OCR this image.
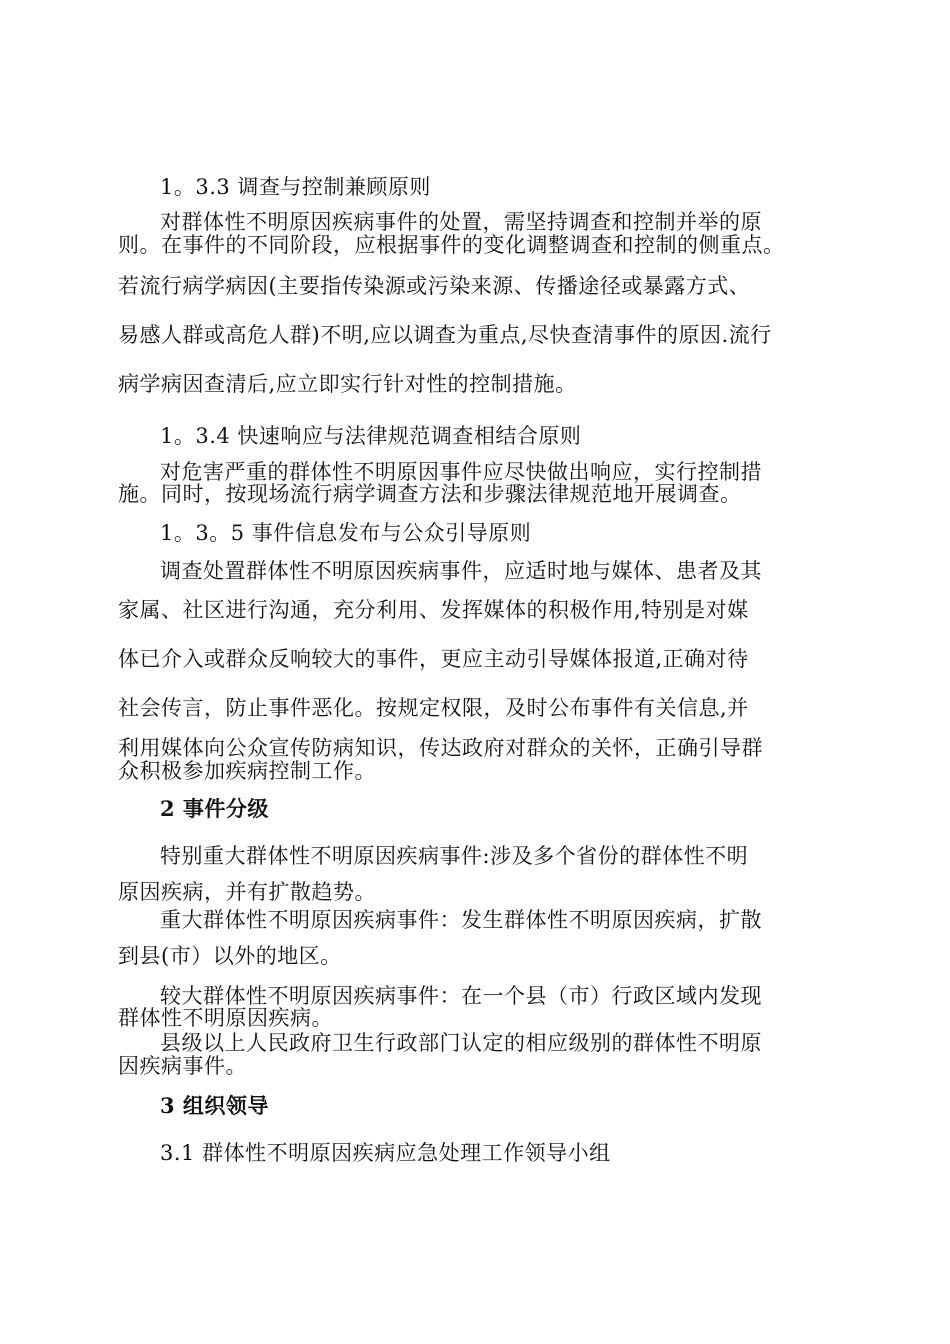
1。3.3 调查与控制兼顾原则
对群体性不明原因疾病事件的处置，需坚持调查和控制并举的原
则。在事件的不同阶段，应根据事件的变化调整调查和控制的侧重点。
若流行病学病因(主要指传染源或污染来源、传播途径或暴露方式、
易感人群或高危人群)不明,应以调查为重点,尽快查清事件的原因.流行
病学病因查清后,应立即实行针对性的控制措施。
1。3.4 快速响应与法律规范调查相结合原则
对危害严重的群体性不明原因事件应尽快做出响应，实行控制措
施。同时，按现场流行病学调查方法和步骤法律规范地开展调查。
1。3。5 事件信息发布与公众引导原则
调查处置群体性不明原因疾病事件，应适时地与媒体、患者及其
家属、社区进行沟通，充分利用、发挥媒体的积极作用,特别是对媒
体已介入或群众反响较大的事件，更应主动引导媒体报道,正确对待
社会传言，防止事件恶化。按规定权限，及时公布事件有关信息,并
利用媒体向公众宣传防病知识，传达政府对群众的关怀，正确引导群
众积极参加疾病控制工作。
2 事件分级
特别重大群体性不明原因疾病事件:涉及多个省份的群体性不明
原因疾病，并有扩散趋势。
重大群体性不明原因疾病事件：发生群体性不明原因疾病，扩散
到县(市）以外的地区。
较大群体性不明原因疾病事件：在一个县（市）行政区域内发现
群体性不明原因疾病。
县级以上人民政府卫生行政部门认定的相应级别的群体性不明原
因疾病事件。
3 组织领导
3.1 群体性不明原因疾病应急处理工作领导小组
